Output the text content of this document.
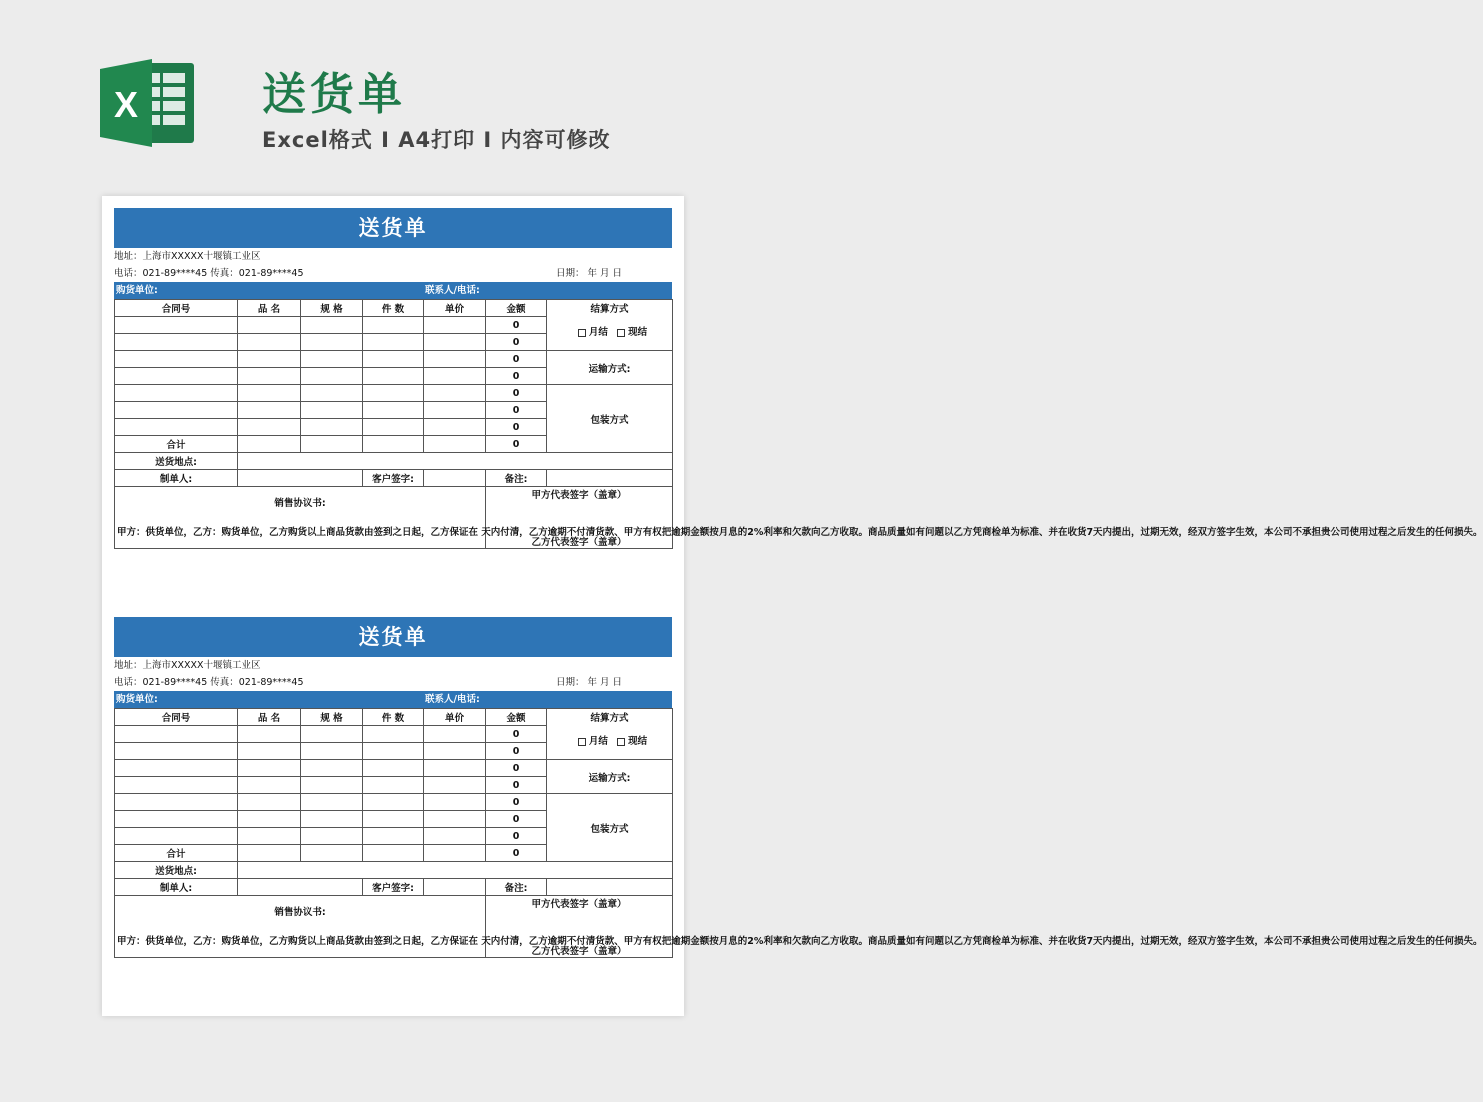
X	送货单
Excel格式 I A4打印 I 内容可修改
送货单
地址：上海市XXXXX十堰镇工业区
电话：021-89****45 传真：021-89****45	日期： 年 月 日
购货单位:	联系人/电话:
合同号	品 名	规 格	件 数	单价	金额	结算方式
月结 现结

					0	
					0	
					0	运输方式:
					0	
					0	包装方式
					0	
					0	
合计					0	
送货地点:						
制单人:			客户签字:		备注:	
销售协议书:
甲方：供货单位，乙方：购货单位，乙方购货以上商品货款由签到之日起，乙方保证在 天内付清，乙方逾期不付清货款、甲方有权把逾期金额按月息的2%利率和欠款向乙方收取。商品质量如有问题以乙方凭商检单为标准、并在收货7天内提出，过期无效，经双方签字生效，本公司不承担贵公司使用过程之后发生的任何损失。					甲方代表签字（盖章）
乙方代表签字（盖章）	
送货单
地址：上海市XXXXX十堰镇工业区
电话：021-89****45 传真：021-89****45	日期： 年 月 日
购货单位:	联系人/电话:
合同号	品 名	规 格	件 数	单价	金额	结算方式
月结 现结

					0	
					0	
					0	运输方式:
					0	
					0	包装方式
					0	
					0	
合计					0	
送货地点:						
制单人:			客户签字:		备注:	
销售协议书:
甲方：供货单位，乙方：购货单位，乙方购货以上商品货款由签到之日起，乙方保证在 天内付清，乙方逾期不付清货款、甲方有权把逾期金额按月息的2%利率和欠款向乙方收取。商品质量如有问题以乙方凭商检单为标准、并在收货7天内提出，过期无效，经双方签字生效，本公司不承担贵公司使用过程之后发生的任何损失。					甲方代表签字（盖章）
乙方代表签字（盖章）	
